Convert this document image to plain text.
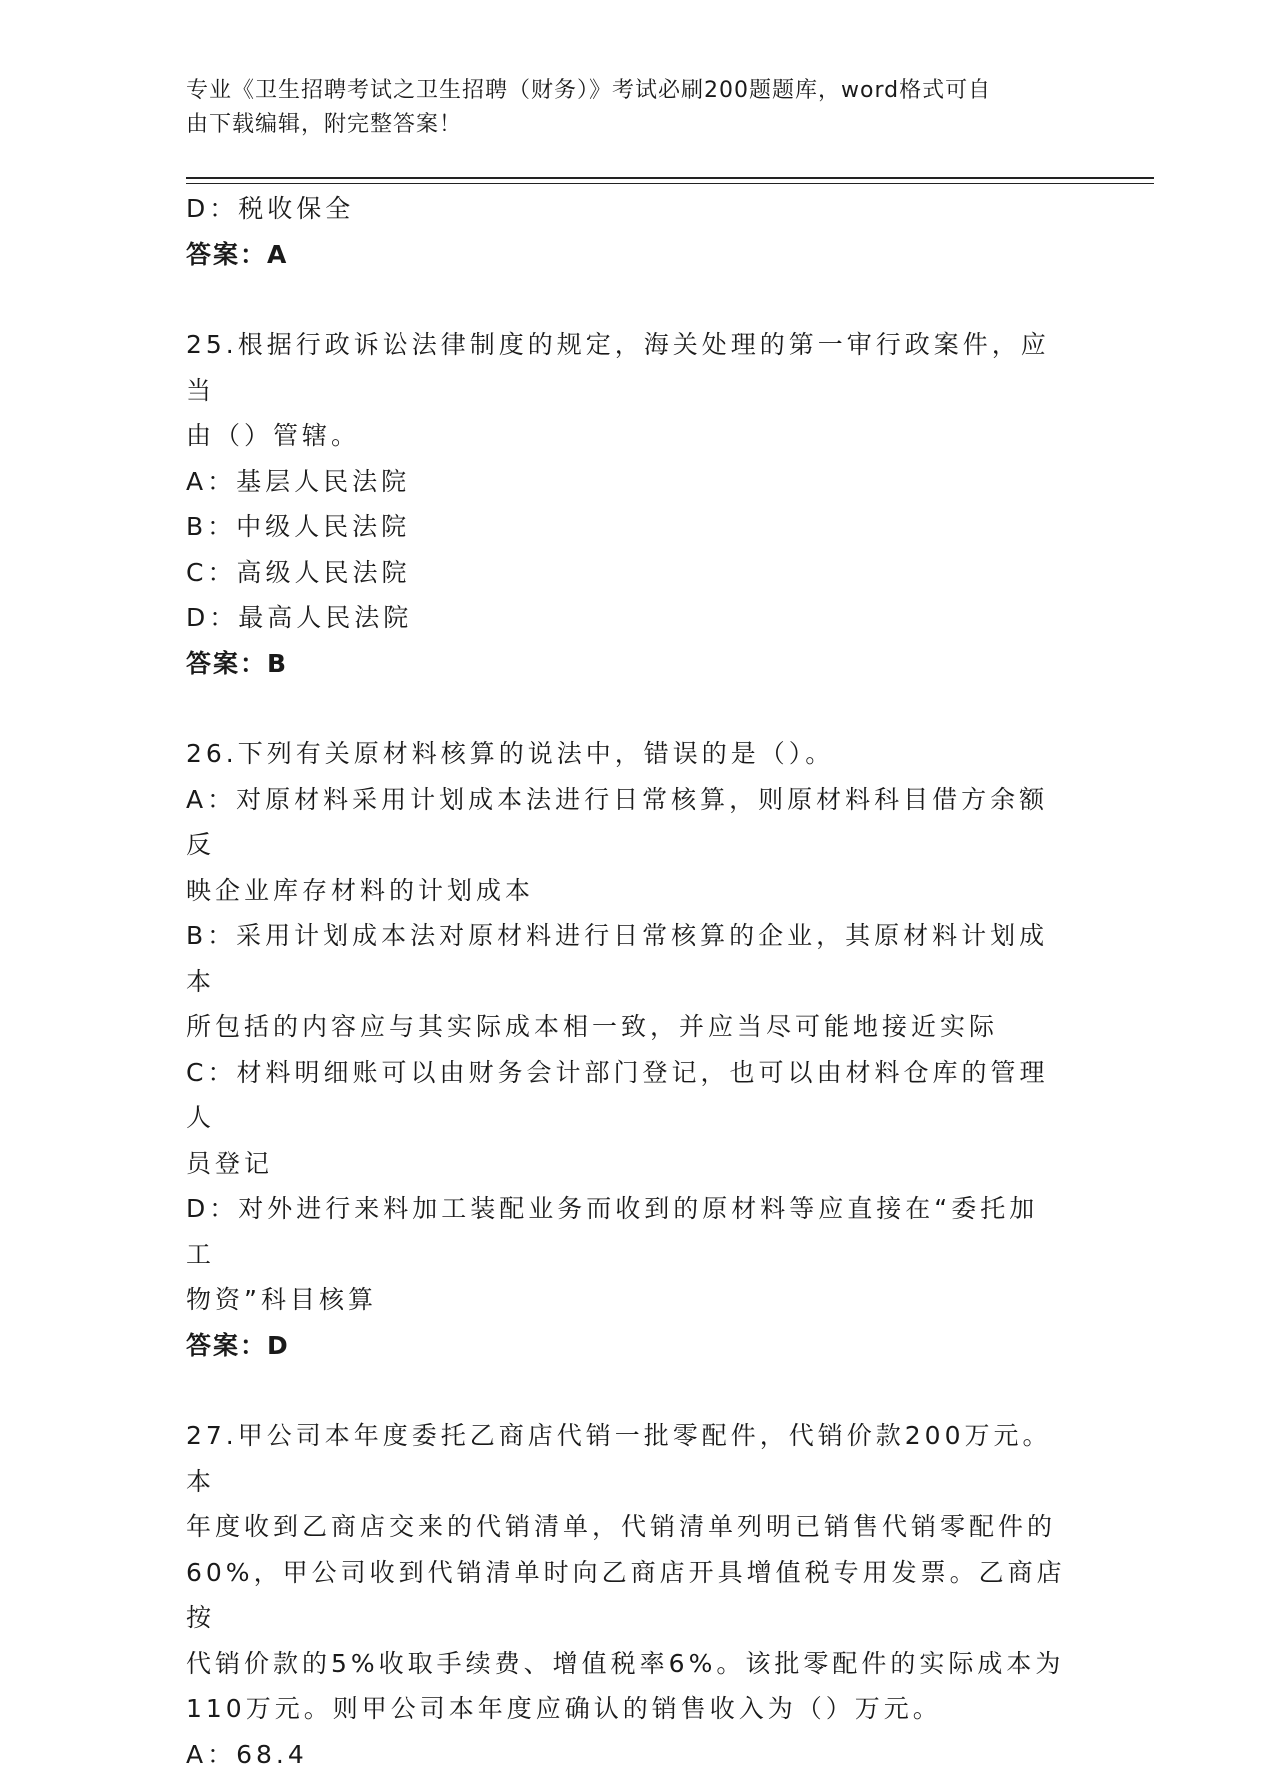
专业《卫生招聘考试之卫生招聘（财务）》考试必刷200题题库，word格式可自
由下载编辑，附完整答案！
D：税收保全
答案：A
25.根据行政诉讼法律制度的规定，海关处理的第一审行政案件，应当
由（）管辖。
A：基层人民法院
B：中级人民法院
C：高级人民法院
D：最高人民法院
答案：B
26.下列有关原材料核算的说法中，错误的是（）。
A：对原材料采用计划成本法进行日常核算，则原材料科目借方余额反
映企业库存材料的计划成本
B：采用计划成本法对原材料进行日常核算的企业，其原材料计划成本
所包括的内容应与其实际成本相一致，并应当尽可能地接近实际
C：材料明细账可以由财务会计部门登记，也可以由材料仓库的管理人
员登记
D：对外进行来料加工装配业务而收到的原材料等应直接在“委托加工
物资”科目核算
答案：D
27.甲公司本年度委托乙商店代销一批零配件，代销价款200万元。本
年度收到乙商店交来的代销清单，代销清单列明已销售代销零配件的
60%，甲公司收到代销清单时向乙商店开具增值税专用发票。乙商店按
代销价款的5%收取手续费、增值税率6%。该批零配件的实际成本为
110万元。则甲公司本年度应确认的销售收入为（）万元。
A：68.4
